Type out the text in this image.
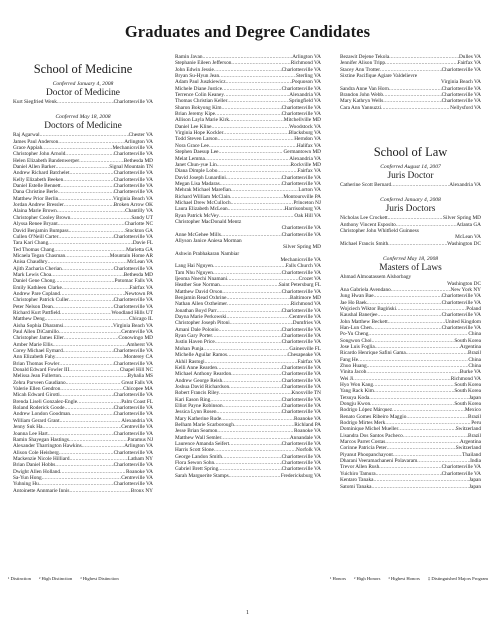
Graduates and Degree Candidates
School of Medicine
Conferred January 4, 2008
Doctor of Medicine
Kurt Siegfried Wenk .....	Charlottesville VA
Conferred May 18, 2008
Doctors of Medicine
Raj Agarwal .....	Chester VA
James Paul Anderson .....	Arlington VA
Grace Appiah .....	Mechanicsville VA
Christopher John Arnold .....	Charlottesville VA
Helen Elizabeth Bandenwerper .....	Bethesda MD
Daniel Allen Barker .....	Signal Mountain TN
Andrew Richard Batchelet .....	Charlottesville VA
Kelly Elizabeth Beeken .....	Charlottesville VA
Daniel Estelle Bennett .....	Charlottesville VA
Dana Christine Berle .....	Charlottesville VA
Matthew Prior Berlin .....	Virginia Beach VA
Jordan Andrew Bressler .....	Broken Arrow OK
Alaina Marie Brown .....	Chantilly VA
Christopher Cooley Brown .....	Sandy UT
Alyssa Renee Bryant .....	Charlotte NC
David Benjamin Bumpass .....	Stockton GA
Cullen O'Neill Carter .....	Charlottesville VA
Tara Kari Chang .....	Davie FL
Ted Thomas Chang .....	Marietta GA
Micaela Tegan Chasman .....	Mountain Home AR
Anisa Chaudhry .....	McLean VA
Ajith Zacharia Cherian .....	Charlottesville VA
Mark Lewis Choa .....	Bethesda MD
Daniel Gene Chong .....	Potomac Falls VA
Emily Kathleen Clarke .....	Fairfax VA
Andrew Pare Copland .....	Newtown PA
Christopher Patrick Culler .....	Charlottesville VA
Peter Nelson Dean .....	Charlottesville VA
Richard Kurt Pattfield .....	Woodland Hills UT
Matthew Deng .....	Chicago IL
Aisha Sophia Dharamsi .....	Virginia Beach VA
Paul Allen DiCamillo .....	Centreville VA
Christopher James Eller .....	Conowingo MD
Amber Marie Ellis .....	Amherst VA
Corey Michael Eymard .....	Charlottesville VA
Ann Elizabeth Fahy .....	Monterey CA
Brian Thomas Fowler .....	Charlottesville VA
Donald Edward Fowler III .....	Chapel Hill NC
Melissa Jean Fullerton .....	Byhalia MS
Zehra Parveen Gaudiano .....	Great Falls VA
Valerie Ellen Gendron .....	Chicopee MA
Micah Edward Girotti .....	Charlottesville VA
Brenda Liseli Gonzalez-Engle .....	Palm Coast FL
Roland Roderick Goode .....	Charlottesville VA
Andrew London Goodman .....	Charlottesville VA
William Gerard Grant .....	Alexandria VA
Jenny Suk Ha .....	Centreville VA
Joanna Lee Hart .....	Charlottesville VA
Ramin Shayegan Hastings .....	Paramus NJ
Alexander Tharrington Hawkins .....	Arlington VA
Alison Cole Heisberg .....	Charlottesville VA
Mackenzie Nicole Hilliard .....	Latham NY
Brian Daniel Hobbs .....	Charlottesville VA
Dwight Allen Holland .....	Roanoke VA
Sa-Yun Hong .....	Centreville VA
Yuhning Hu .....	Charlottesville VA
Antoinette Annmarie Innis .....	Bronx NY
Ramin Javan .....	Arlington VA
Stephanie Eileen Jefferson .....	Richmond VA
John Edwin Jessie .....	Charlottesville VA
Bryan Su-Hyun Jean .....	Sterling VA
Adam Paul Juszkiewicz .....	Poquoson VA
Michele Diane Justice .....	Charlottesville VA
Terrence Colin Keaney .....	Alexandria VA
Thomas Christian Keller .....	Springfield VA
Sharon Bokyong Kim .....	Charlottesville VA
Brian Jeremy Kipe .....	Charlottesville VA
Allison Layla Marie Kirk .....	Mitchellville MD
Daniel Lee Kline .....	Woodstock VA
Virginia Hope Kockler .....	Blacksburg VA
Todd Steven Larson .....	Herndon VA
Nora Grace Lee .....	Halifax VA
Stephen Daesup Lee .....	Germantown MD
Melat Lemma .....	Alexandria VA
Janet Chun-yue Lin .....	Rockville MD
Diana Dimple Lobo .....	Fairfax VA
David Joseph Lunardini .....	Charlottesville VA
Megan Lisa Madaras .....	Charlottesville VA
Mehrak Michael Marefian .....	Lorton VA
Richard William McClain .....	Montoursville PA
Michael Drew McCulloch .....	Princeton NJ
Laura Elizabeth McLean .....	Harrisonburg VA
Ryan Patrick McVey .....	Oak Hill VA
Christopher MacDonald Mentz
Charlottesville VA
Anne McGehee Mills .....	Charlottesville VA
Allyson Janice Aniesa Morman
Silver Spring MD
Ashwin Prabhakaran Nambiar
Mechanicsville VA
Lang Hai Nguyen .....	Falls Church VA
Tam Nhu Nguyen .....	Charlottesville VA
Ijeoma Nnechi Nnamani .....	Crozet VA
Heather Sue Norman .....	Saint Petersburg FL
Matthew David Orson .....	Charlottesville VA
Benjamin Read Oxhrine .....	Baltimore MD
Nathan Allen Oxtheimer .....	Richmond VA
Jonathan Boyd Parr .....	Charlottesville VA
Dayna Marie Perkowski .....	Centreville VA
Christopher Joseph Pitoni .....	Dumfries VA
Amani Dale Polonio .....	Charlottesville VA
Ryan Gary Porter .....	Charlottesville VA
Justin Haven Price .....	Charlottesville VA
Mohan Punja .....	Gainesville FL
Michelle Aguilar Ramos .....	Chesapeake VA
Akhil Rastogi .....	Fairfax VA
Kelli Anne Rearden .....	Charlottesville VA
Michael Anthony Reardon .....	Charlottesville VA
Andrew George Reish .....	Charlottesville VA
Joshua David Richardson .....	Charlottesville VA
Robert Francis Riley .....	Knoxville TN
Kari Eason Ring .....	Charlottesville VA
Elliot Payne Robinson .....	Charlottesville VA
Jessica Lynn Rosen .....	Charlottesville VA
Mary Katherine Rude .....	Roanoke VA
Belham Marie Scarborough .....	Richland PA
Jesse Brian Seamon .....	Roanoke VA
Matthew Wall Semler .....	Annandale VA
Laurence Amanda Seifert .....	Charlottesville VA
Harris Scott Slone .....	Norfolk VA
George Landon Smith .....	Charlottesville VA
Flora Sewon Sohn .....	Charlottesville VA
Gabriel Brett Spring .....	Charlottesville VA
Sarah Marguerite Stamps .....	Fredericksburg VA
Bezawit Dejene Tekola .....	Dulles VA
Jennifer Alison Tripp .....	Fairfax VA
Stacey Ann Trotter .....	Charlottesville VA
Sixtine Pacifique Agiare Valdelievre
Virginia Beach VA
Sandra Anne Van Horn .....	Charlottesville VA
Brandon John Webb .....	Charlottesville VA
Mary Kathryn Wells .....	Charlottesville VA
Cara Ann Yannuzzi .....	Nellysford VA
School of Law
Conferred August 14, 2007
Juris Doctor
Catherine Scott Bernard .....	Alexandria VA
Conferred January 4, 2008
Juris Doctors
Nicholas Lee Crockett .....	Silver Spring MD
Anthony Vincent Esposito .....	Atlanta GA
Christopher John Whitfield Guinness
McLean VA
Michael Francis Smith .....	Washington DC
Conferred May 18, 2008
Masters of Laws
Ahmad Almoatassem Alshorbagy
Washington DC
Ana Gabriela Avendano .....	New York NY
Jung Hwan Bae .....	Charlottesville VA
Jae Ho Baek .....	Charlottesville VA
Wojciech Wiktor Bagiński .....	Poland
Kaushal Banerjee .....	Charlottesville VA
John Matthew Beckett .....	United Kingdom
Han-Lun Chen .....	Charlottesville VA
Po-Yu Cheng .....	China
Songwon Choi .....	South Korea
Jose Luis Foglia .....	Argentina
Ricardo Henrique Safini Gama .....	Brazil
Fang He .....	China
Zhuo Huang .....	China
Vinita Jacob .....	Burke VA
Wei Ji .....	Richmond VA
Hyo Won Kang .....	South Korea
Yang Rack Kim .....	South Korea
Tetsuya Koda .....	Japan
Dongju Kwon .....	South Korea
Rodrigo López Márquez .....	Mexico
Renato Gomes Ribeiro Maggio .....	Brazil
Rodrigo Mirtes Merk .....	Peru
Dominique Michel Mueller .....	Switzerland
Lisandra Dos Santos Pacheco .....	Brazil
Marcos Parret Costas .....	Argentina
Corinne Patricia Peter .....	Switzerland
Piyanut Phoopanchayont .....	Thailand
Dharani Veeramachaneni Polavaram .....	India
Trevor Allen Rush .....	Charlottesville VA
Yuichiro Tamura .....	Charlottesville VA
Kentaro Tanaka .....	Japan
Satomi Tanaka .....	Japan
¹ Distinction ² High Distinction ³ Highest Distinction	¹ Honors ² High Honors ³ Highest Honors ‡ Distinguished Majors Program
1
